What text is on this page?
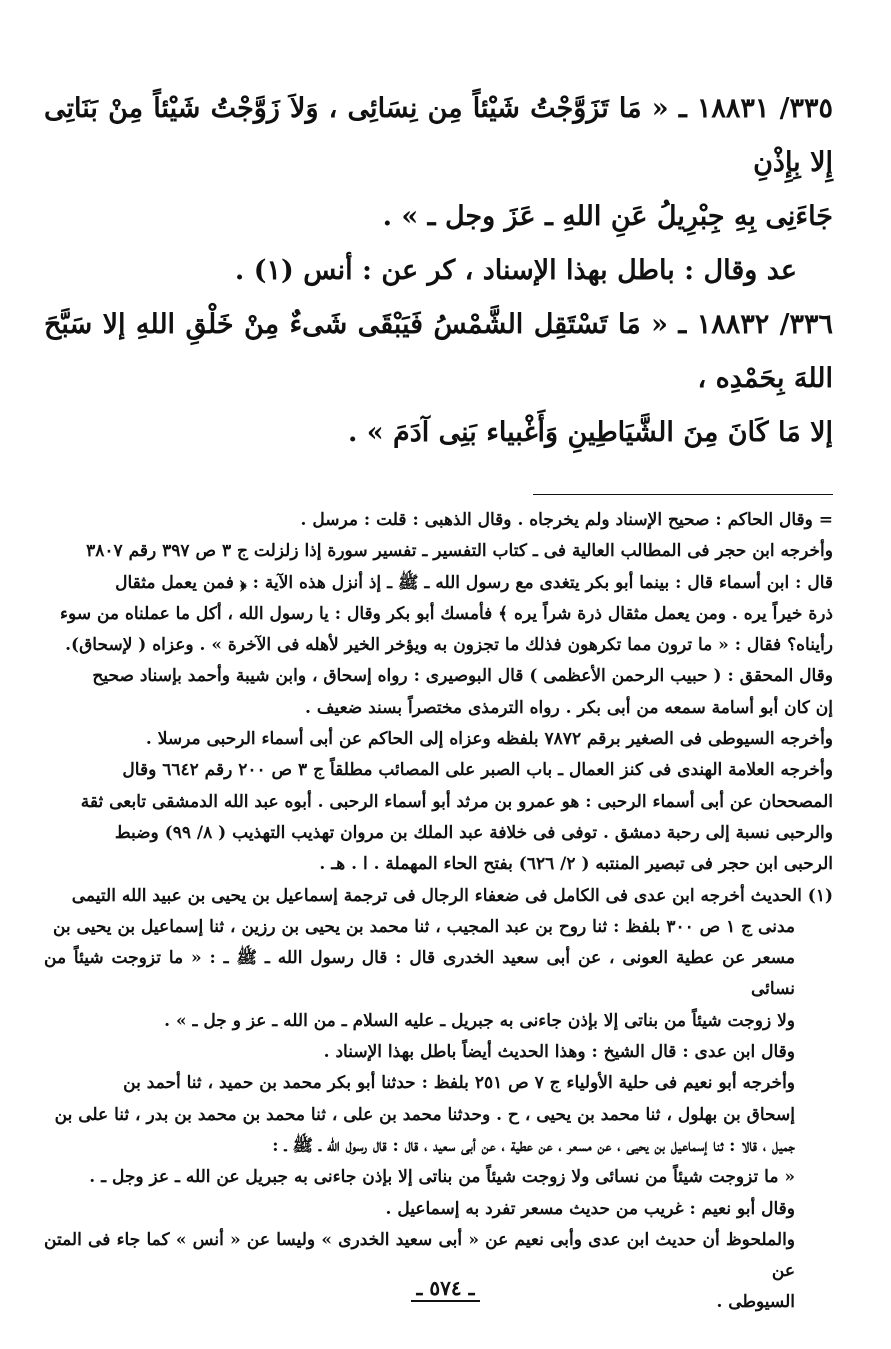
٣٣٥/ ١٨٨٣١ ـ « مَا تَزَوَّجْتُ شَيْئاً مِن نِسَائِى ، وَلاَ زَوَّجْتُ شَيْئاً مِنْ بَنَاتِى إِلا بِإِذْنِ

جَاءَنِى بِهِ جِبْرِيلُ عَنِ اللهِ ـ عَزَ وجل ـ » .

عد وقال : باطل بهذا الإسناد ، كر عن : أنس (١) .

٣٣٦/ ١٨٨٣٢ ـ « مَا تَسْتَقِل الشَّمْسُ فَيَبْقَى شَىءٌ مِنْ خَلْقِ اللهِ إلا سَبَّحَ اللهَ بِحَمْدِه ،

إلا مَا كَانَ مِنَ الشَّيَاطِينِ وَأَغْبياء بَنِى آدَمَ » .

= وقال الحاكم : صحيح الإسناد ولم يخرجاه . وقال الذهبى : قلت : مرسل .

وأخرجه ابن حجر فى المطالب العالية فى ـ كتاب التفسير ـ تفسير سورة إذا زلزلت ج ٣ ص ٣٩٧ رقم ٣٨٠٧

قال : ابن أسماء قال : بينما أبو بكر يتغدى مع رسول الله ـ ﷺ ـ إذ أنزل هذه الآية : ﴿ فمن يعمل مثقال

ذرة خيراً يره . ومن يعمل مثقال ذرة شراً يره ﴾ فأمسك أبو بكر وقال : يا رسول الله ، أكل ما عملناه من سوء

رأيناه؟ فقال : « ما ترون مما تكرهون فذلك ما تجزون به ويؤخر الخير لأهله فى الآخرة » . وعزاه ( لإسحاق).

وقال المحقق : ( حبيب الرحمن الأعظمى ) قال البوصيرى : رواه إسحاق ، وابن شيبة وأحمد بإسناد صحيح

إن كان أبو أسامة سمعه من أبى بكر . رواه الترمذى مختصراً بسند ضعيف .

وأخرجه السيوطى فى الصغير برقم ٧٨٧٢ بلفظه وعزاه إلى الحاكم عن أبى أسماء الرحبى مرسلا .

وأخرجه العلامة الهندى فى كنز العمال ـ باب الصبر على المصائب مطلقاً ج ٣ ص ٢٠٠ رقم ٦٦٤٢ وقال

المصححان عن أبى أسماء الرحبى : هو عمرو بن مرثد أبو أسماء الرحبى . أبوه عبد الله الدمشقى تابعى ثقة

والرحبى نسبة إلى رحبة دمشق . توفى فى خلافة عبد الملك بن مروان تهذيب التهذيب ( ٨/ ٩٩) وضبط

الرحبى ابن حجر فى تبصير المنتبه ( ٢/ ٦٢٦) بفتح الحاء المهملة . ا . هـ .

(١) الحديث أخرجه ابن عدى فى الكامل فى ضعفاء الرجال فى ترجمة إسماعيل بن يحيى بن عبيد الله التيمى

مدنى ج ١ ص ٣٠٠ بلفظ : ثنا روح بن عبد المجيب ، ثنا محمد بن يحيى بن رزين ، ثنا إسماعيل بن يحيى بن

مسعر عن عطية العونى ، عن أبى سعيد الخدرى قال : قال رسول الله ـ ﷺ ـ : « ما تزوجت شيئاً من نسائى

ولا زوجت شيئاً من بناتى إلا بإذن جاءنى به جبريل ـ عليه السلام ـ من الله ـ عز و جل ـ » .

وقال ابن عدى : قال الشيخ : وهذا الحديث أيضاً باطل بهذا الإسناد .

وأخرجه أبو نعيم فى حلية الأولياء ج ٧ ص ٢٥١ بلفظ : حدثنا أبو بكر محمد بن حميد ، ثنا أحمد بن

إسحاق بن بهلول ، ثنا محمد بن يحيى ، ح . وحدثنا محمد بن على ، ثنا محمد بن محمد بن بدر ، ثنا على بن

جميل ، قالا : ثنا إسماعيل بن يحيى ، عن مسعر ، عن عطية ، عن أبى سعيد ، قال : قال رسول الله ـ ﷺ ـ :

« ما تزوجت شيئاً من نسائى ولا زوجت شيئاً من بناتى إلا بإذن جاءنى به جبريل عن الله ـ عز وجل ـ .

وقال أبو نعيم : غريب من حديث مسعر تفرد به إسماعيل .

والملحوظ أن حديث ابن عدى وأبى نعيم عن « أبى سعيد الخدرى » وليسا عن « أنس » كما جاء فى المتن عن

السيوطى .

ـ ٥٧٤ ـ
